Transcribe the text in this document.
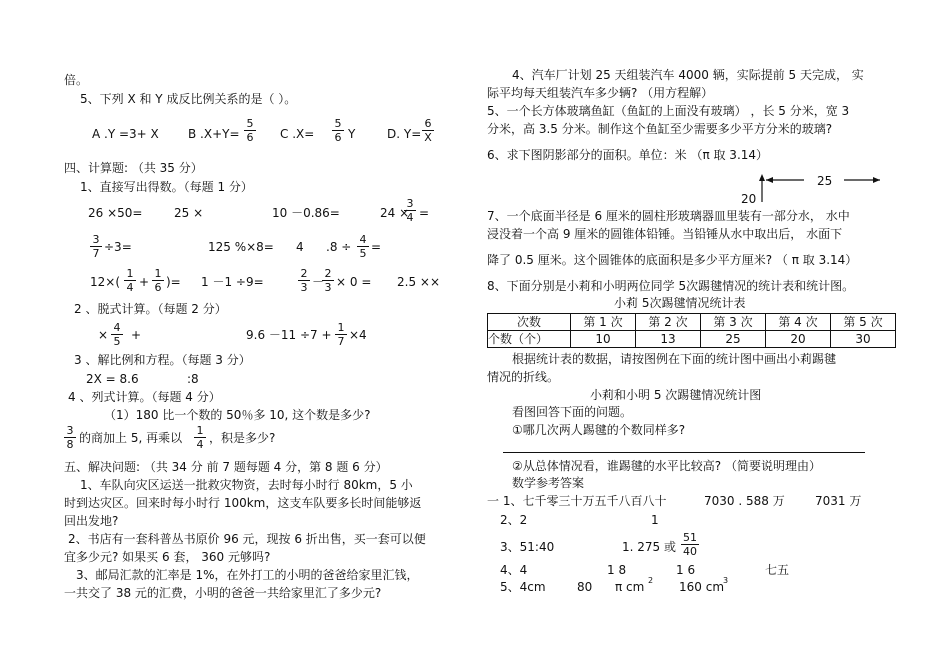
倍。
5、下列 X 和 Y 成反比例关系的是（ ）。
A .Y =3+ X B $.X+Y= \frac{5}{6}$ C $.X= \frac{5}{6}$ Y	D. $Y= \frac{6}{X}$
四、计算题: （共 35 分）
1、直接写出得数。（每题 1 分）
26 ×50=	25 ×	10 －0.86=	24 ×
$\frac{3}{4}$ =
$\frac{3}{7} \div 3=$	125 %×8= 4 $.8 \div \frac{4}{5}$ =
$12\times( \frac{1}{4} + \frac{1}{6}$ )= 1 －1 ÷9=	$\frac{2}{3}$ －
$\frac{2}{3} \times 0 = 2.5$ ××
2 、脱式计算。（每题 2 分）
× $\frac{4}{5}$ +	$9.6 -11 \div 7 + \frac{1}{7} \times 4$
3 、解比例和方程。（每题 3 分）
2X = 8.6	:8
4 、列式计算。（每题 4 分）
（1）180 比一个数的 50％多 10, 这个数是多少?
$\frac{3}{8}$ 的商加上 5, 再乘以 $\frac{1}{4}$ ，积是多少?
五、解决问题: （共 34 分 前 7 题每题 4 分，第 8 题 6 分）
1、车队向灾区运送一批救灾物资，去时每小时行 80km，5 小
时到达灾区。回来时每小时行 100km，这支车队要多长时间能够返
回出发地?
2、书店有一套科普丛书原价 96 元，现按 6 折出售，买一套可以便
宜多少元? 如果买 6 套， 360 元够吗?
3、邮局汇款的汇率是 1%，在外打工的小明的爸爸给家里汇钱，
一共交了 38 元的汇费，小明的爸爸一共给家里汇了多少元?
4、汽车厂计划 25 天组装汽车 4000 辆，实际提前 5 天完成， 实
际平均每天组装汽车多少辆? （用方程解）
5、一个长方体玻璃鱼缸（鱼缸的上面没有玻璃） ，长 5 分米，宽 3
分米，高 3.5 分米。制作这个鱼缸至少需要多少平方分米的玻璃?
6、求下图阴影部分的面积。单位：米 （π 取 3.14）
25
20
7、一个底面半径是 6 厘米的圆柱形玻璃器皿里装有一部分水， 水中
浸没着一个高 9 厘米的圆锥体铅锤。当铅锤从水中取出后， 水面下
降了 0.5 厘米。这个圆锥体的底面积是多少平方厘米? （ π 取 3.14）
8、下面分别是小莉和小明两位同学 5次踢毽情况的统计表和统计图。
小莉 5次踢毽情况统计表
次数	第 1 次	第 2 次	第 3 次	第 4 次	第 5 次
个数（个）	10	13	25	20	30
根据统计表的数据，请按图例在下面的统计图中画出小莉踢毽
情况的折线。
小莉和小明 5 次踢毽情况统计图
看图回答下面的问题。
①哪几次两人踢毽的个数同样多?
②从总体情况看，谁踢毽的水平比较高? （简要说明理由）
数学参考答案
一 1、七千零三十万五千八百八十	7030 . 588 万	7031 万
2、2	1
3、51:40	1. 275 或 $\frac{51}{40}$
4、4	1 8	1 6	七五
5、4cm	80 π cm 2 160 cm
3
